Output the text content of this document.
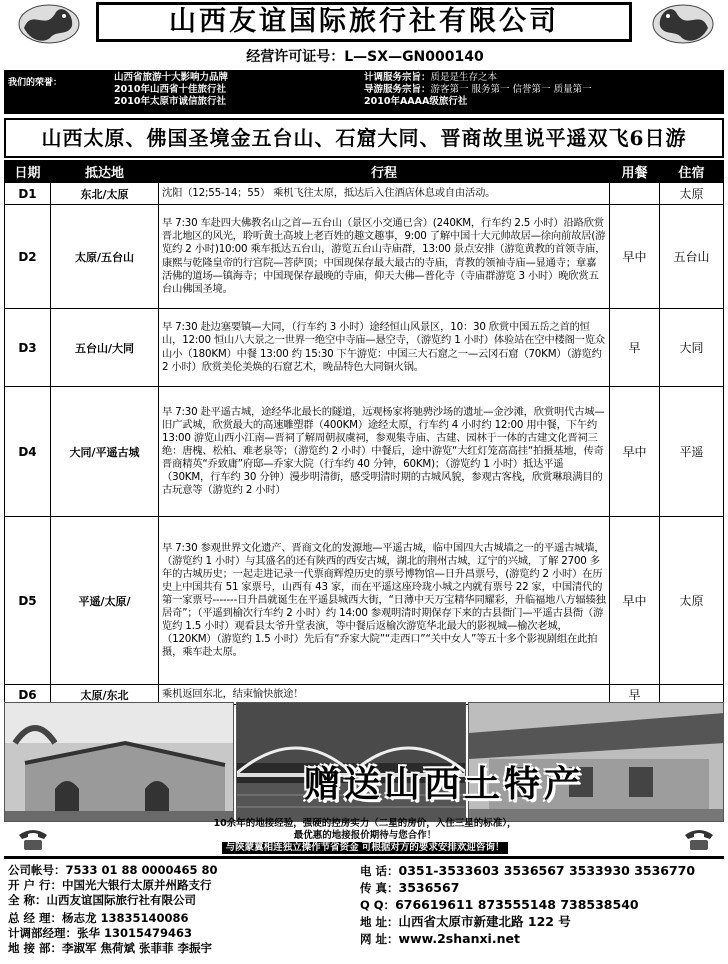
山西友谊国际旅行社有限公司
经营许可证号：L—SX—GN000140
我们的荣誉：	山西省旅游十大影响力品牌
2010年山西省十佳旅行社
2010年太原市诚信旅行社
计调服务宗旨：质是是生存之本
导游服务宗旨：游客第一 服务第一 信誉第一 质量第一
2010年AAAA级旅行社
山西太原、佛国圣境金五台山、石窟大同、晋商故里说平遥双飞6日游
日期	抵达地	行程	用餐	住宿
D1	东北/太原	沈阳（12;55-14；55） 乘机飞往太原，抵达后入住酒店休息或自由活动。		太原
D2	太原/五台山	早 7:30 车赴四大佛教名山之首—五台山（景区小交通已含）(240KM，行车约 2.5 小时）沿路欣赏晋北地区的风光，聆听黄土高坡上老百姓的趣文趣事，9:00 了解中国十大元帅故居—徐向前故居(游览约 2 小时)10:00 乘车抵达五台山，游览五台山寺庙群，13:00 景点安排（游览黄教的首领寺庙，康熙与乾隆皇帝的行宫院—菩萨顶；中国现保存最大最古的寺庙，青教的领袖寺庙—显通寺；章嘉活佛的道场—镇海寺；中国现保存最晚的寺庙，仰天大佛—普化寺（寺庙群游览 3 小时）晚欣赏五台山佛国圣境。	早中	五台山
D3	五台山/大同	早 7:30 赴边塞要镇—大同，（行车约 3 小时）途经恒山风景区，10：30 欣赏中国五岳之首的恒山，12:00 恒山八大景之一世界一绝空中寺庙—悬空寺，（游览约 1 小时）体验站在空中楼阁一览众山小（180KM）中餐 13:00 约 15:30 下午游览：中国三大石窟之一—云冈石窟（70KM）（游览约 2 小时）欣赏美伦美焕的石窟艺术，晚品特色大同铜火锅。	早	大同
D4	大同/平遥古城	早 7:30 赴平遥古城，途经华北最长的隧道，远观杨家将驰骋沙场的遗址—金沙滩，欣赏明代古城—旧广武城，欣赏最大的高速雕塑群（400KM）途经太原，行车约 4 小时约 12:00 用中餐，下午约 13:00 游览山西小江南—晋祠了解周朝叔虞祠，参观集寺庙、古建、园林于一体的古建文化晋祠三绝：唐槐、松柏、难老泉等；（游览约 2 小时）中餐后，途中游览“大红灯笼高高挂“拍摄基地，传奇晋商精英“乔致庸”府邸—乔家大院（行车约 40 分钟，60KM)；（游览约 1 小时）抵达平遥（30KM，行车约 30 分钟）漫步明清街，感受明清时期的古城风貌，参观古客栈，欣赏琳琅满目的古玩意等（游览约 2 小时）	早中	平遥
D5	平遥/太原/	早 7:30 参观世界文化遗产、晋商文化的发源地—平遥古城，临中国四大古城墙之一的平遥古城墙，（游览约 1 小时）与其盛名的还有陕西的西安古城，湖北的荆州古城，辽宁的兴城，了解 2700 多年的古城历史；一起走进记录一代票商辉煌历史的票号博物馆—日升昌票号，(游览约 2 小时）在历史上中国共有 51 家票号，山西有 43 家，而在平遥这座玲珑小城之内就有票号 22 家，中国清代的第一家票号-------日升昌就诞生在平遥县城西大街，“日薄中天万宝精华同耀彩，升临福地八方辐辏独居奇”；（平遥到榆次行车约 2 小时）约 14:00 参观明清时期保存下来的古县衙门—平遥古县衙（游览约 1.5 小时）观看县太爷升堂表演，等中餐后返榆次游览华北最大的影视城—榆次老城，（120KM）（游览约 1.5 小时）先后有“乔家大院”“走西口”“关中女人”等五十多个影视剧组在此拍摄，乘车赴太原。	早中	太原
D6	太原/东北	乘机返回东北，结束愉快旅途！	早	
赠送山西土特产
10余年的地接经验，强硬的控房实力（二星的房价，入住三星的标准），
最优惠的地接报价期待与您合作！
与陕蒙冀相连独立操作节省资金 可根据对方的要求安排欢迎咨询！
公司帐号：7533 01 88 0000465 80
开 户 行：中国光大银行太原并州路支行
全 称：山西友谊国际旅行社有限公司
总 经 理：杨志龙 13835140086
计调部经理：张华 13015479463
地 接 部：李淑军 焦荷斌 张菲菲 李振宇
电 话：0351-3533603 3536567 3533930 3536770
传 真：3536567
Q Q：676619611 873555148 738538540
地 址：山西省太原市新建北路 122 号
网 址：www.2shanxi.net
